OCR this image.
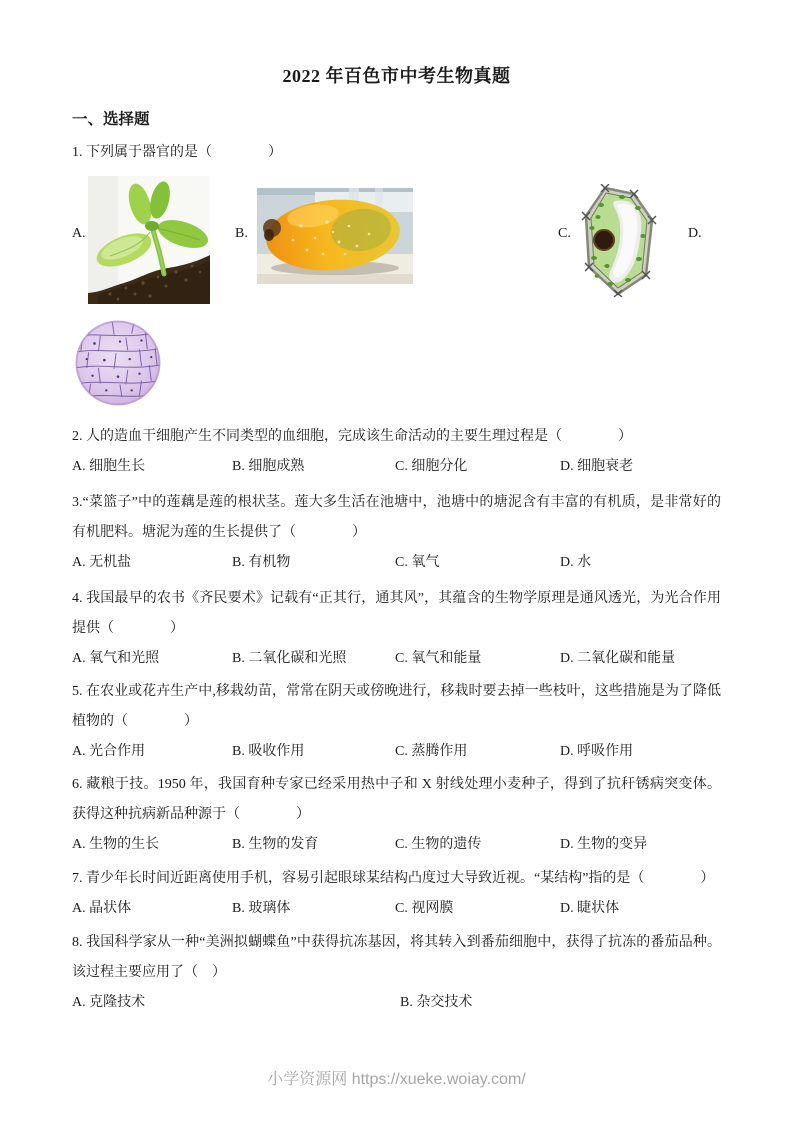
2022 年百色市中考生物真题
一、选择题
1. 下列属于器官的是（　　　　）
A.	B.	C.	D.
2. 人的造血干细胞产生不同类型的血细胞，完成该生命活动的主要生理过程是（　　　　）
A. 细胞生长	B. 细胞成熟	C. 细胞分化	D. 细胞衰老
3.“菜篮子”中的莲藕是莲的根状茎。莲大多生活在池塘中，池塘中的塘泥含有丰富的有机质，是非常好的有机肥料。塘泥为莲的生长提供了（　　　　）
A. 无机盐	B. 有机物	C. 氧气	D. 水
4. 我国最早的农书《齐民要术》记载有“正其行，通其风”，其蕴含的生物学原理是通风透光，为光合作用提供（　　　　）
A. 氧气和光照	B. 二氧化碳和光照	C. 氧气和能量	D. 二氧化碳和能量
5. 在农业或花卉生产中,移栽幼苗，常常在阴天或傍晚进行，移栽时要去掉一些枝叶，这些措施是为了降低植物的（　　　　）
A. 光合作用	B. 吸收作用	C. 蒸腾作用	D. 呼吸作用
6. 藏粮于技。1950 年，我国育种专家已经采用热中子和 X 射线处理小麦种子，得到了抗秆锈病突变体。获得这种抗病新品种源于（　　　　）
A. 生物的生长	B. 生物的发育	C. 生物的遗传	D. 生物的变异
7. 青少年长时间近距离使用手机，容易引起眼球某结构凸度过大导致近视。“某结构”指的是（　　　　）
A. 晶状体	B. 玻璃体	C. 视网膜	D. 睫状体
8. 我国科学家从一种“美洲拟蝴蝶鱼”中获得抗冻基因，将其转入到番茄细胞中，获得了抗冻的番茄品种。该过程主要应用了（　）
A. 克隆技术	B. 杂交技术
小学资源网 https://xueke.woiay.com/
